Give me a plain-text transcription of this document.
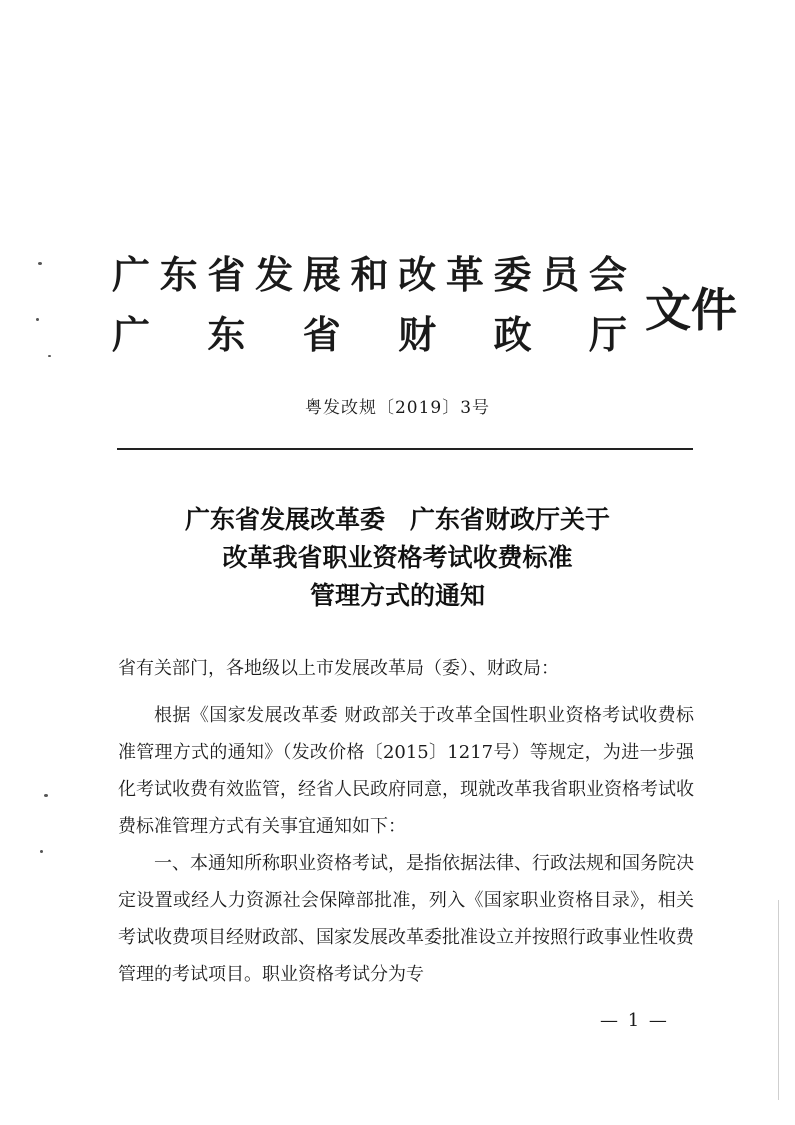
广 东 省 发 展 和 改 革 委 员 会
广 东 省 财 政 厅 文件
粤发改规〔2019〕3号
广东省发展改革委　广东省财政厅关于
改革我省职业资格考试收费标准
管理方式的通知
省有关部门，各地级以上市发展改革局（委）、财政局：
根据《国家发展改革委 财政部关于改革全国性职业资格考试收费标准管理方式的通知》（发改价格〔2015〕1217号）等规定，为进一步强化考试收费有效监管，经省人民政府同意，现就改革我省职业资格考试收费标准管理方式有关事宜通知如下：
一、本通知所称职业资格考试，是指依据法律、行政法规和国务院决定设置或经人力资源社会保障部批准，列入《国家职业资格目录》，相关考试收费项目经财政部、国家发展改革委批准设立并按照行政事业性收费管理的考试项目。职业资格考试分为专
— 1 —
